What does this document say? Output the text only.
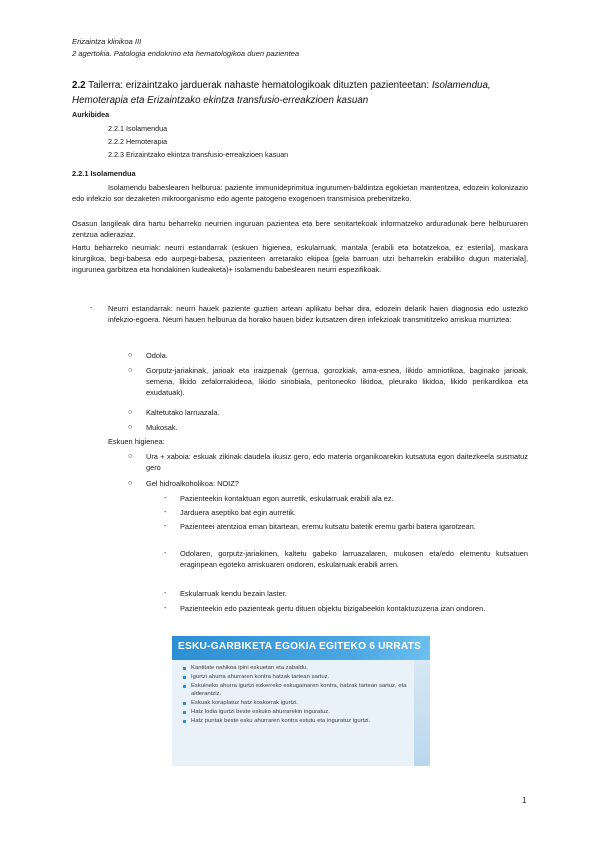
Erizaintza klinikoa III
2 agertokia. Patologia endokrino eta hematologikoa duen pazientea
2.2 Tailerra: erizaintzako jarduerak nahaste hematologikoak dituzten pazienteetan: Isolamendua, Hemoterapia eta Erizaintzako ekintza transfusio-erreakzioen kasuan
Aurkibidea
2.2.1 Isolamendua
2.2.2 Hemoterapia
2.2.3 Erizaintzako ekintza transfusio-erreakzioen kasuan
2.2.1 Isolamendua
Isolamendu babeslearen helburua: paziente immunideprimitua ingurumen-baldintza egokietan mantentzea, edozein kolonizazio edo infekzio sor dezaketen mikroorganismo edo agente patogeno exogenoen transmisioa prebenitzeko.
Osasun langileak dira hartu beharreko neurrien inguruan pazientea eta bere senitartekoak informatzeko arduradunak bere helburuaren zentzua adieraziaz.
Hartu beharreko neurriak: neurri estandarrak (eskuen higienea, eskularruak, mantala [erabili eta botatzekoa, ez esterila], maskara kirurgikoa, begi-babesa edo aurpegi-babesa, pazienteen arretarako ekipoa [gela barruan utzi beharrekin erabiliko dugun materiala], ingurunea garbitzea eta hondakinen kudeaketa)+ isolamendu babeslearen neurri espezifikoak.
- Neurri estandarrak: neurri hauek paziente guztien artean aplikatu behar dira, edozein delarik haien diagnosia edo ustezko infekzio-egoera. Neurri hauen helburua da horako hauen bidez kutsatzen diren infekzioak transmititzeko arriskua murriztea:
○ Odola.
○ Gorputz-jariakinak, jarioak eta iraizpenak (gernua, gorozkiak, ama-esnea, likido amniotikoa, baginako jarioak, semena, likido zefalorrakideoa, likido sinobiala, peritoneoko likidoa, pleurako likidoa, likido perikardikoa eta exudatuak).
○ Kaltetutako larruazala.
○ Mukosak.
Eskuen higienea:
○ Ura + xaboia: eskuak zikinak daudela ikusiz gero, edo materia organikoarekin kutsatuta egon daitezkeela susmatuz gero
○ Gel hidroalkoholikoa: NOIZ?
- Pazienteekin kontaktuan egon aurretik, eskularruak erabili ala ez.
- Jarduera aseptiko bat egin aurretik.
- Pazienteei atentzioa eman bitartean, eremu kutsatu batetik eremu garbi batera igarotzean.
- Odolaren, gorputz-jariakinen, kaltetu gabeko larruazalaren, mukosen eta/edo elementu kutsatuen eraginpean egoteko arriskuaren ondoren, eskularruak erabili arren.
- Eskularruak kendu bezain laster.
- Pazienteekin edo pazienteak gertu dituen objektu bizigabeekin kontaktuzuzena izan ondoren.
ESKU-GARBIKETA EGOKIA EGITEKO 6 URRATS
Kantitate nahikoa ipini eskuetan eta zabaldu.
Igurtzi ahurra ahurraren kontra hatzak tartean sartuz.
Eskuineko ahurra igurtzi ezkerreko eskugainaren kontra, hatzak tartean sartuz, eta alderantziz.
Eskuak koraplatuz hatz koskorrak igurtzi.
Hatz lodia igurtzi beste eskuko ahurrarekin inguratuz.
Hatz puntak beste esku ahurraren kontra estutu eta inguratuz igurtzi.
1
